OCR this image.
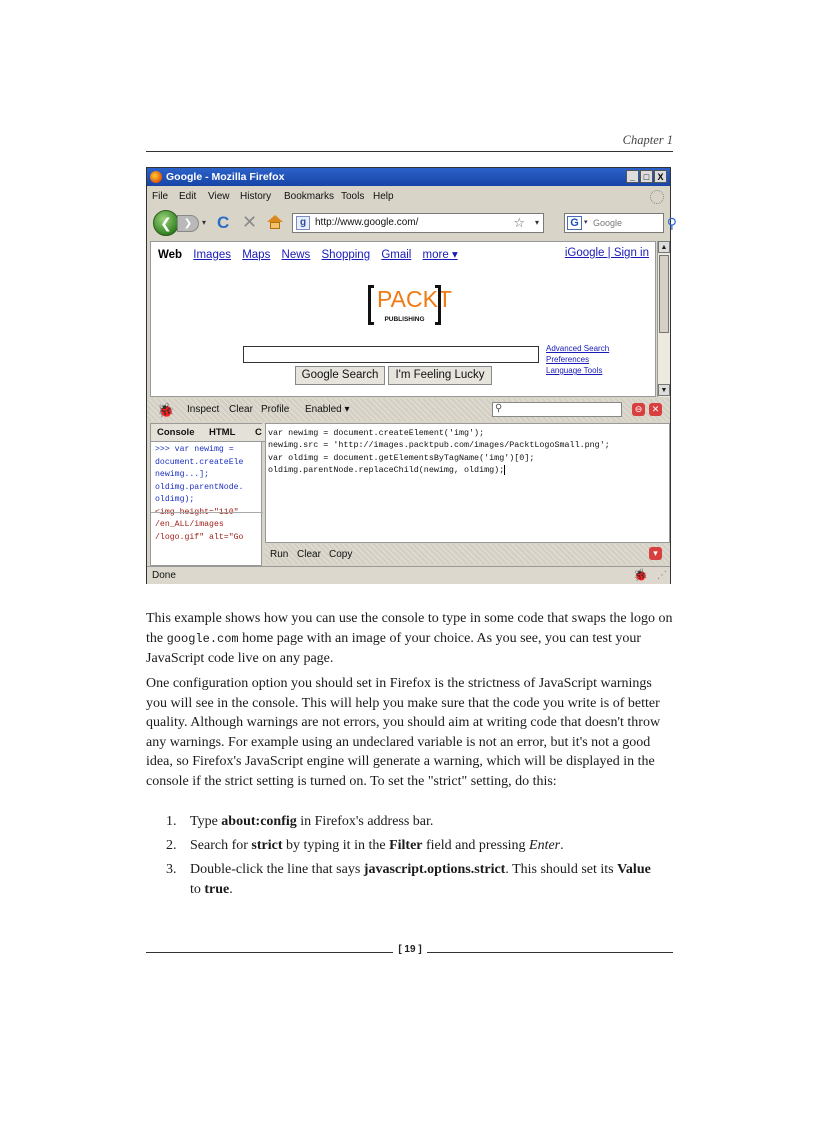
Chapter 1
Google - Mozilla Firefox	_ □ X
File Edit View History Bookmarks Tools Help
❮	❯	▾ C ✕	g http://www.google.com/	☆ ▾	G ▾ Google	⚲
Web Images Maps News Shopping Gmail more ▾	iGoogle | Sign in
PACKT
PUBLISHING
Google Search	I'm Feeling Lucky
Advanced Search
Preferences
Language Tools
▲
▼
🐞 Inspect Clear Profile Enabled ▾	⚲	⊖	✕
Console HTML C
>>> var newimg =
document.createEle
newimg...];
oldimg.parentNode.
oldimg);
<img height="110"
/en_ALL/images
/logo.gif" alt="Go
var newimg = document.createElement('img');
newimg.src = 'http://images.packtpub.com/images/PacktLogoSmall.png';
var oldimg = document.getElementsByTagName('img')[0];
oldimg.parentNode.replaceChild(newimg, oldimg);
Run Clear Copy	▾
Done	🐞 ⋰
This example shows how you can use the console to type in some code that swaps the logo on the google.com home page with an image of your choice. As you see, you can test your JavaScript code live on any page.
One configuration option you should set in Firefox is the strictness of JavaScript warnings you will see in the console. This will help you make sure that the code you write is of better quality. Although warnings are not errors, you should aim at writing code that doesn't throw any warnings. For example using an undeclared variable is not an error, but it's not a good idea, so Firefox's JavaScript engine will generate a warning, which will be displayed in the console if the strict setting is turned on. To set the "strict" setting, do this:
1. Type about:config in Firefox's address bar.
2. Search for strict by typing it in the Filter field and pressing Enter.
3. Double-click the line that says javascript.options.strict. This should set its Value to true.
[ 19 ]
